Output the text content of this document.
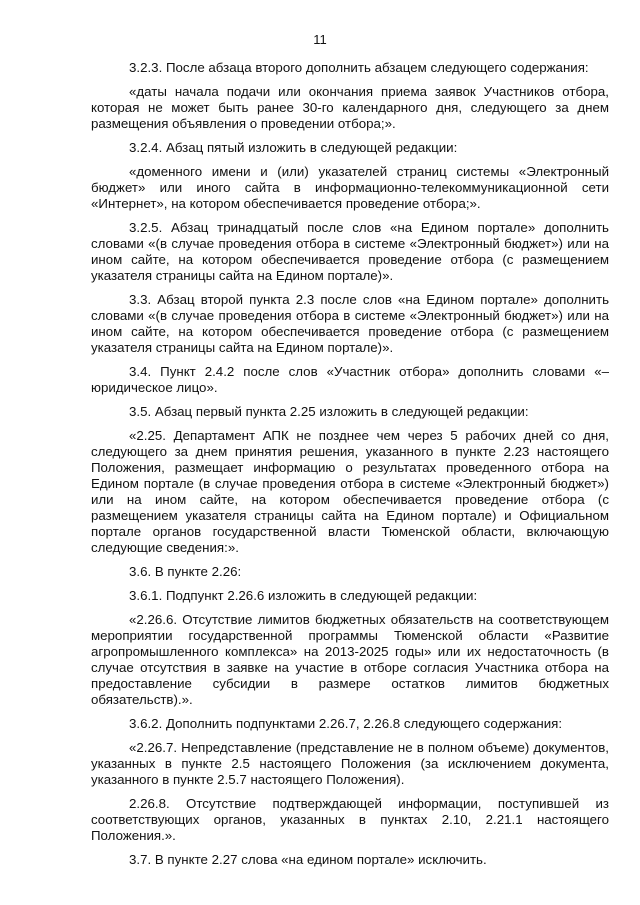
11

3.2.3. После абзаца второго дополнить абзацем следующего содержания:

«даты начала подачи или окончания приема заявок Участников отбора, которая не может быть ранее 30-го календарного дня, следующего за днем размещения объявления о проведении отбора;».

3.2.4. Абзац пятый изложить в следующей редакции:

«доменного имени и (или) указателей страниц системы «Электронный бюджет» или иного сайта в информационно-телекоммуникационной сети «Интернет», на котором обеспечивается проведение отбора;».

3.2.5. Абзац тринадцатый после слов «на Едином портале» дополнить словами «(в случае проведения отбора в системе «Электронный бюджет») или на ином сайте, на котором обеспечивается проведение отбора (с размещением указателя страницы сайта на Едином портале)».

3.3. Абзац второй пункта 2.3 после слов «на Едином портале» дополнить словами «(в случае проведения отбора в системе «Электронный бюджет») или на ином сайте, на котором обеспечивается проведение отбора (с размещением указателя страницы сайта на Едином портале)».

3.4. Пункт 2.4.2 после слов «Участник отбора» дополнить словами «– юридическое лицо».

3.5. Абзац первый пункта 2.25 изложить в следующей редакции:

«2.25. Департамент АПК не позднее чем через 5 рабочих дней со дня, следующего за днем принятия решения, указанного в пункте 2.23 настоящего Положения, размещает информацию о результатах проведенного отбора на Едином портале (в случае проведения отбора в системе «Электронный бюджет») или на ином сайте, на котором обеспечивается проведение отбора (с размещением указателя страницы сайта на Едином портале) и Официальном портале органов государственной власти Тюменской области, включающую следующие сведения:».

3.6. В пункте 2.26:

3.6.1. Подпункт 2.26.6 изложить в следующей редакции:

«2.26.6. Отсутствие лимитов бюджетных обязательств на соответствующем мероприятии государственной программы Тюменской области «Развитие агропромышленного комплекса» на 2013-2025 годы» или их недостаточность (в случае отсутствия в заявке на участие в отборе согласия Участника отбора на предоставление субсидии в размере остатков лимитов бюджетных обязательств).».

3.6.2. Дополнить подпунктами 2.26.7, 2.26.8 следующего содержания:

«2.26.7. Непредставление (представление не в полном объеме) документов, указанных в пункте 2.5 настоящего Положения (за исключением документа, указанного в пункте 2.5.7 настоящего Положения).

2.26.8. Отсутствие подтверждающей информации, поступившей из соответствующих органов, указанных в пунктах 2.10, 2.21.1 настоящего Положения.».

3.7. В пункте 2.27 слова «на едином портале» исключить.
